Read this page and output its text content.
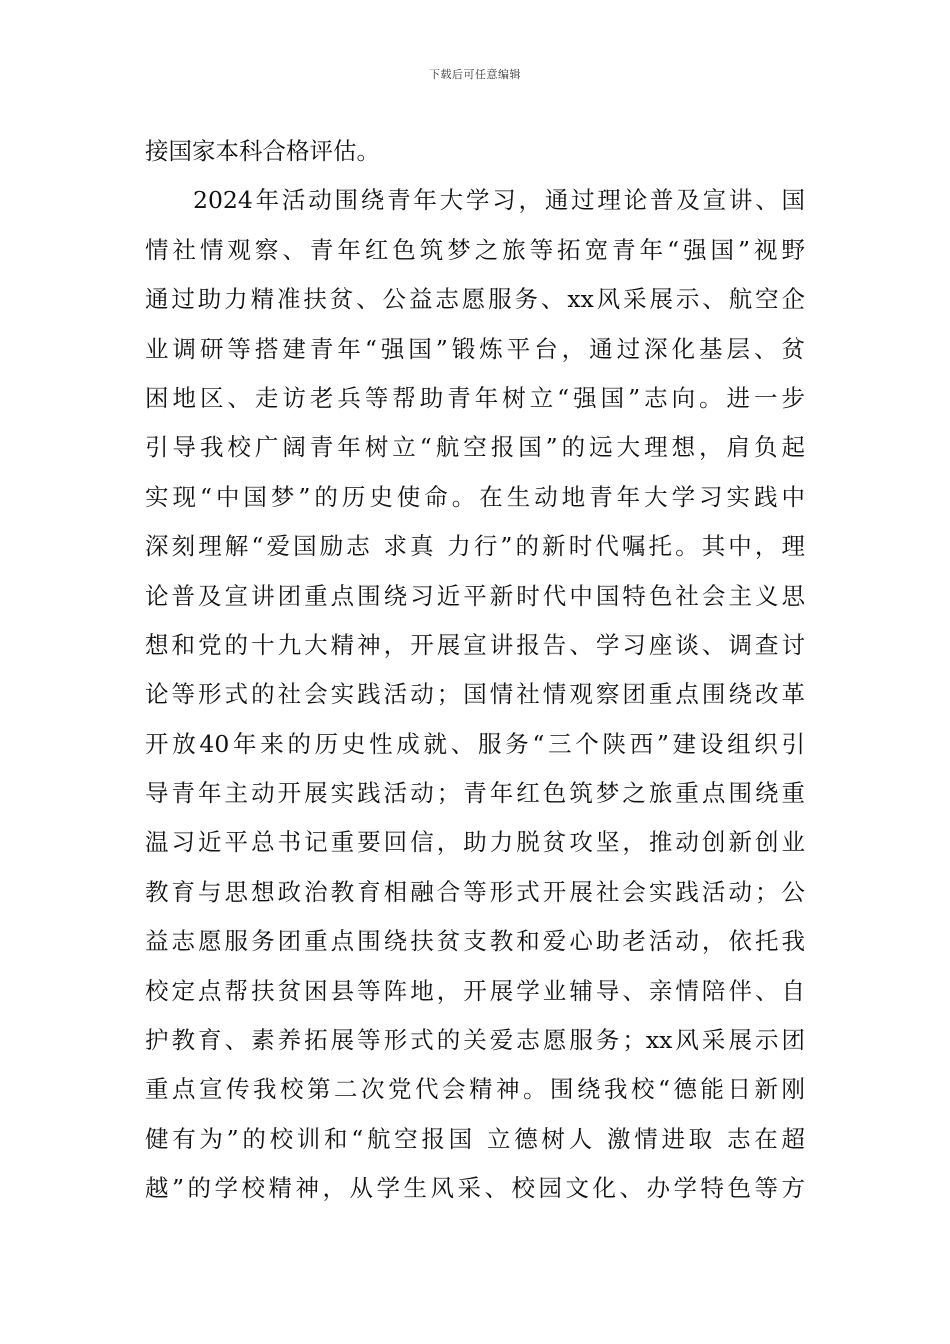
下载后可任意编辑
接国家本科合格评估。
2024年活动围绕青年大学习，通过理论普及宣讲、国
情社情观察、青年红色筑梦之旅等拓宽青年“强国”视野
通过助力精准扶贫、公益志愿服务、xx风采展示、航空企
业调研等搭建青年“强国”锻炼平台，通过深化基层、贫
困地区、走访老兵等帮助青年树立“强国”志向。进一步
引导我校广阔青年树立“航空报国”的远大理想，肩负起
实现“中国梦”的历史使命。在生动地青年大学习实践中
深刻理解“爱国励志 求真 力行”的新时代嘱托。其中，理
论普及宣讲团重点围绕习近平新时代中国特色社会主义思
想和党的十九大精神，开展宣讲报告、学习座谈、调查讨
论等形式的社会实践活动；国情社情观察团重点围绕改革
开放40年来的历史性成就、服务“三个陕西”建设组织引
导青年主动开展实践活动；青年红色筑梦之旅重点围绕重
温习近平总书记重要回信，助力脱贫攻坚，推动创新创业
教育与思想政治教育相融合等形式开展社会实践活动；公
益志愿服务团重点围绕扶贫支教和爱心助老活动，依托我
校定点帮扶贫困县等阵地，开展学业辅导、亲情陪伴、自
护教育、素养拓展等形式的关爱志愿服务；xx风采展示团
重点宣传我校第二次党代会精神。围绕我校“德能日新刚
健有为”的校训和“航空报国 立德树人 激情进取 志在超
越”的学校精神，从学生风采、校园文化、办学特色等方
